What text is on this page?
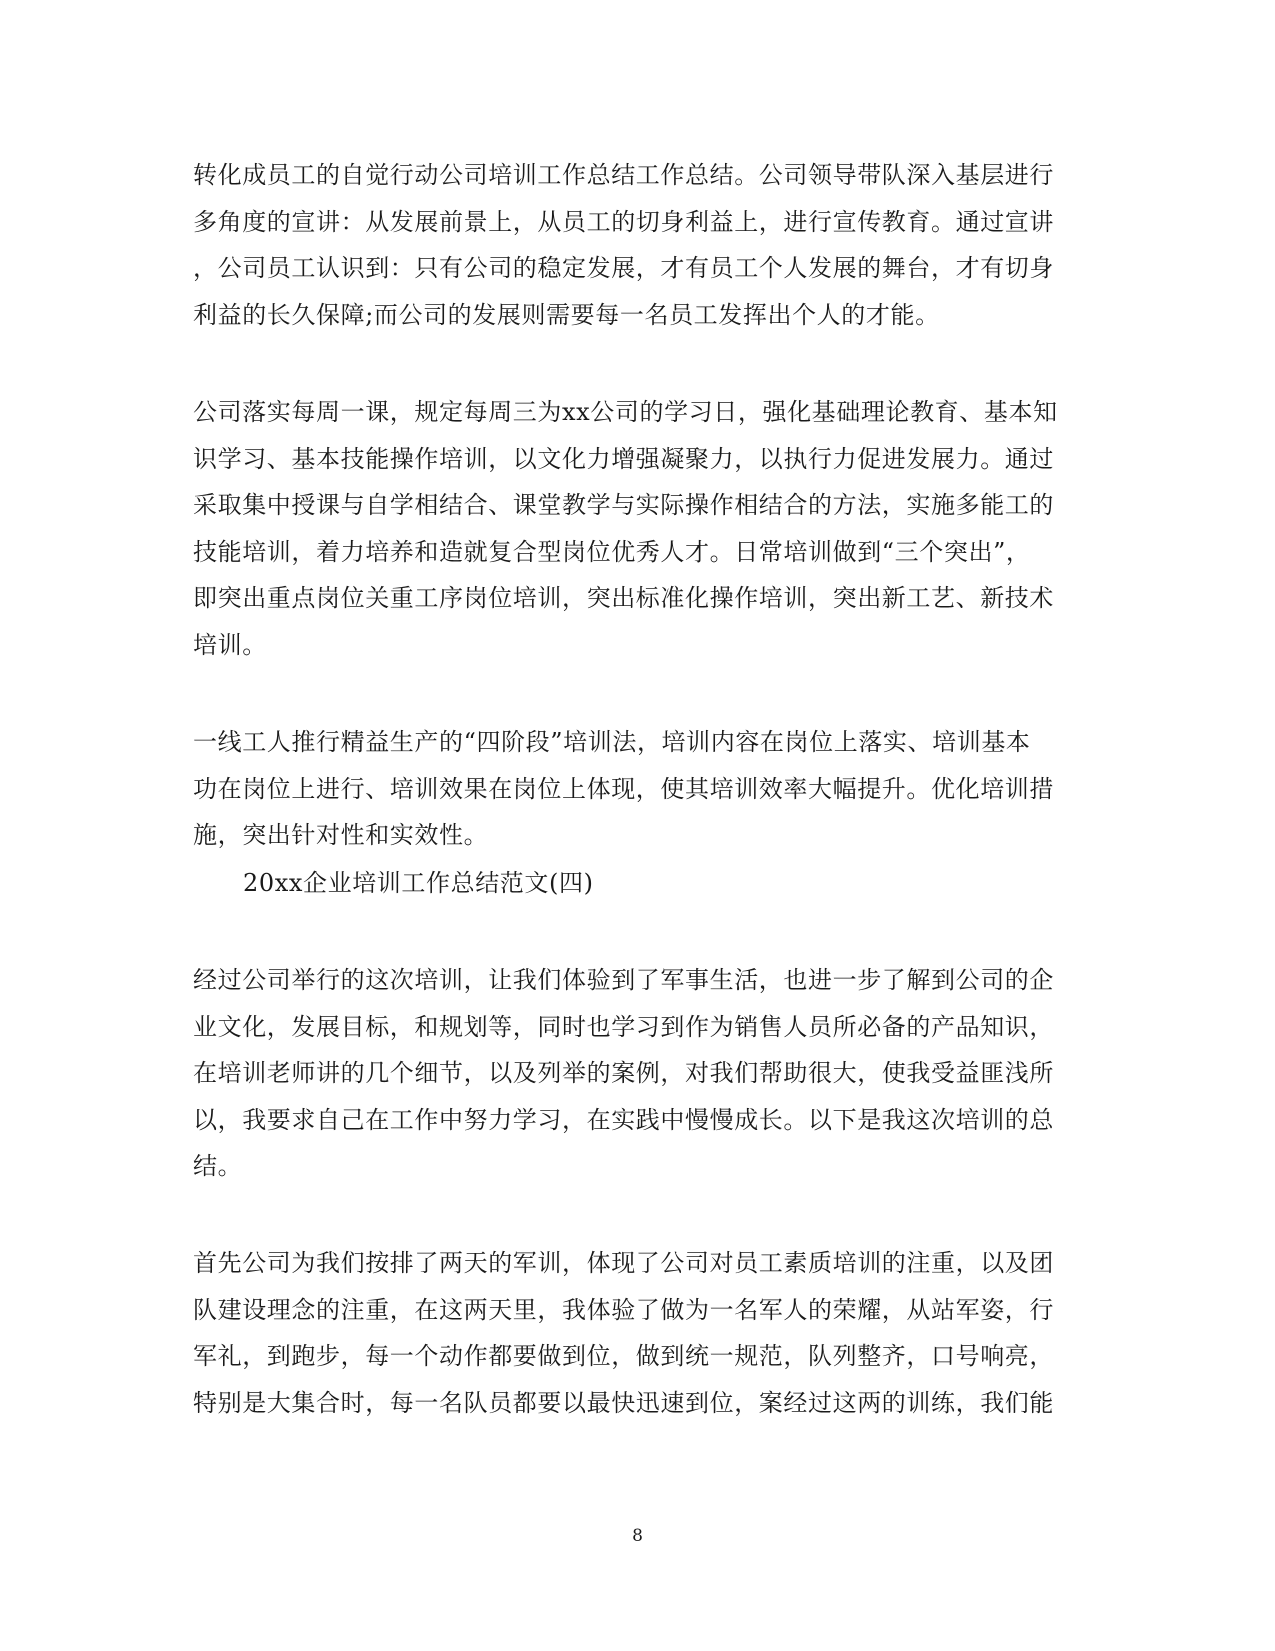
转化成员工的自觉行动公司培训工作总结工作总结。公司领导带队深入基层进行
多角度的宣讲：从发展前景上，从员工的切身利益上，进行宣传教育。通过宣讲
，公司员工认识到：只有公司的稳定发展，才有员工个人发展的舞台，才有切身
利益的长久保障;而公司的发展则需要每一名员工发挥出个人的才能。
公司落实每周一课，规定每周三为xx公司的学习日，强化基础理论教育、基本知
识学习、基本技能操作培训，以文化力增强凝聚力，以执行力促进发展力。通过
采取集中授课与自学相结合、课堂教学与实际操作相结合的方法，实施多能工的
技能培训，着力培养和造就复合型岗位优秀人才。日常培训做到“三个突出”，
即突出重点岗位关重工序岗位培训，突出标准化操作培训，突出新工艺、新技术
培训。
一线工人推行精益生产的“四阶段”培训法，培训内容在岗位上落实、培训基本
功在岗位上进行、培训效果在岗位上体现，使其培训效率大幅提升。优化培训措
施，突出针对性和实效性。
20xx企业培训工作总结范文(四)
经过公司举行的这次培训，让我们体验到了军事生活，也进一步了解到公司的企
业文化，发展目标，和规划等，同时也学习到作为销售人员所必备的产品知识，
在培训老师讲的几个细节，以及列举的案例，对我们帮助很大，使我受益匪浅所
以，我要求自己在工作中努力学习，在实践中慢慢成长。以下是我这次培训的总
结。
首先公司为我们按排了两天的军训，体现了公司对员工素质培训的注重，以及团
队建设理念的注重，在这两天里，我体验了做为一名军人的荣耀，从站军姿，行
军礼，到跑步，每一个动作都要做到位，做到统一规范，队列整齐，口号响亮，
特别是大集合时，每一名队员都要以最快迅速到位，案经过这两的训练，我们能
8
